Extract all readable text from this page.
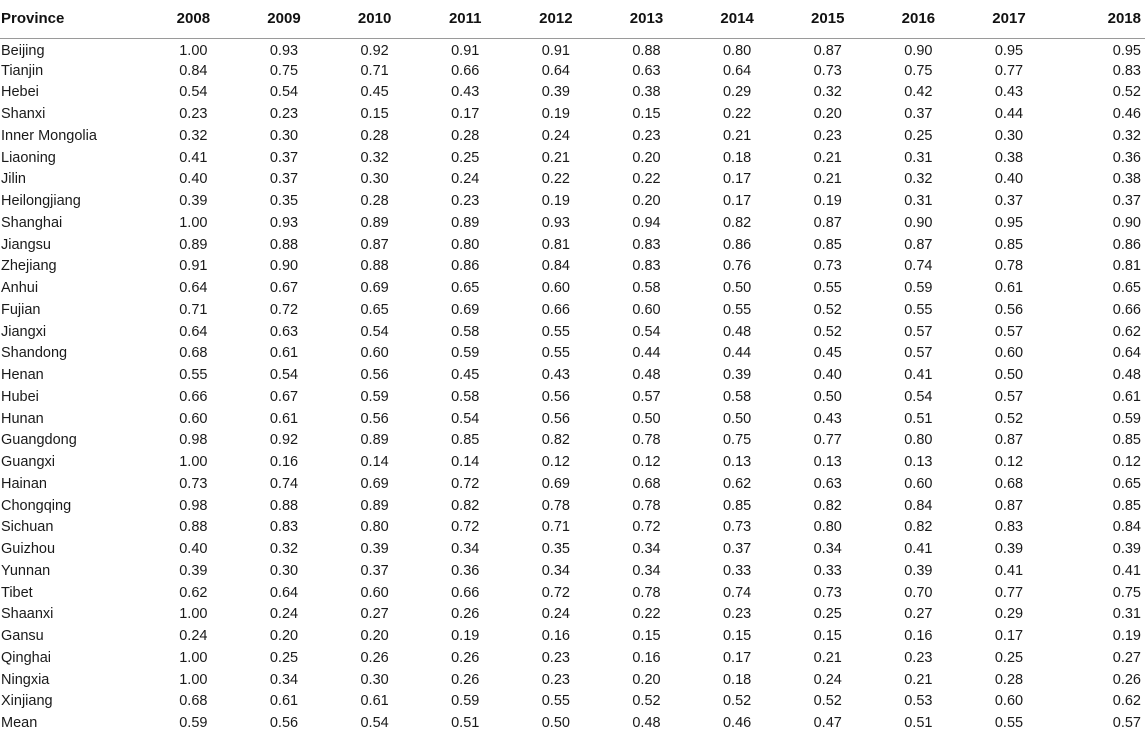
Province	2008	2009	2010	2011	2012	2013	2014	2015	2016	2017	2018
Beijing	1.00	0.93	0.92	0.91	0.91	0.88	0.80	0.87	0.90	0.95	0.95
Tianjin	0.84	0.75	0.71	0.66	0.64	0.63	0.64	0.73	0.75	0.77	0.83
Hebei	0.54	0.54	0.45	0.43	0.39	0.38	0.29	0.32	0.42	0.43	0.52
Shanxi	0.23	0.23	0.15	0.17	0.19	0.15	0.22	0.20	0.37	0.44	0.46
Inner Mongolia	0.32	0.30	0.28	0.28	0.24	0.23	0.21	0.23	0.25	0.30	0.32
Liaoning	0.41	0.37	0.32	0.25	0.21	0.20	0.18	0.21	0.31	0.38	0.36
Jilin	0.40	0.37	0.30	0.24	0.22	0.22	0.17	0.21	0.32	0.40	0.38
Heilongjiang	0.39	0.35	0.28	0.23	0.19	0.20	0.17	0.19	0.31	0.37	0.37
Shanghai	1.00	0.93	0.89	0.89	0.93	0.94	0.82	0.87	0.90	0.95	0.90
Jiangsu	0.89	0.88	0.87	0.80	0.81	0.83	0.86	0.85	0.87	0.85	0.86
Zhejiang	0.91	0.90	0.88	0.86	0.84	0.83	0.76	0.73	0.74	0.78	0.81
Anhui	0.64	0.67	0.69	0.65	0.60	0.58	0.50	0.55	0.59	0.61	0.65
Fujian	0.71	0.72	0.65	0.69	0.66	0.60	0.55	0.52	0.55	0.56	0.66
Jiangxi	0.64	0.63	0.54	0.58	0.55	0.54	0.48	0.52	0.57	0.57	0.62
Shandong	0.68	0.61	0.60	0.59	0.55	0.44	0.44	0.45	0.57	0.60	0.64
Henan	0.55	0.54	0.56	0.45	0.43	0.48	0.39	0.40	0.41	0.50	0.48
Hubei	0.66	0.67	0.59	0.58	0.56	0.57	0.58	0.50	0.54	0.57	0.61
Hunan	0.60	0.61	0.56	0.54	0.56	0.50	0.50	0.43	0.51	0.52	0.59
Guangdong	0.98	0.92	0.89	0.85	0.82	0.78	0.75	0.77	0.80	0.87	0.85
Guangxi	1.00	0.16	0.14	0.14	0.12	0.12	0.13	0.13	0.13	0.12	0.12
Hainan	0.73	0.74	0.69	0.72	0.69	0.68	0.62	0.63	0.60	0.68	0.65
Chongqing	0.98	0.88	0.89	0.82	0.78	0.78	0.85	0.82	0.84	0.87	0.85
Sichuan	0.88	0.83	0.80	0.72	0.71	0.72	0.73	0.80	0.82	0.83	0.84
Guizhou	0.40	0.32	0.39	0.34	0.35	0.34	0.37	0.34	0.41	0.39	0.39
Yunnan	0.39	0.30	0.37	0.36	0.34	0.34	0.33	0.33	0.39	0.41	0.41
Tibet	0.62	0.64	0.60	0.66	0.72	0.78	0.74	0.73	0.70	0.77	0.75
Shaanxi	1.00	0.24	0.27	0.26	0.24	0.22	0.23	0.25	0.27	0.29	0.31
Gansu	0.24	0.20	0.20	0.19	0.16	0.15	0.15	0.15	0.16	0.17	0.19
Qinghai	1.00	0.25	0.26	0.26	0.23	0.16	0.17	0.21	0.23	0.25	0.27
Ningxia	1.00	0.34	0.30	0.26	0.23	0.20	0.18	0.24	0.21	0.28	0.26
Xinjiang	0.68	0.61	0.61	0.59	0.55	0.52	0.52	0.52	0.53	0.60	0.62
Mean	0.59	0.56	0.54	0.51	0.50	0.48	0.46	0.47	0.51	0.55	0.57
